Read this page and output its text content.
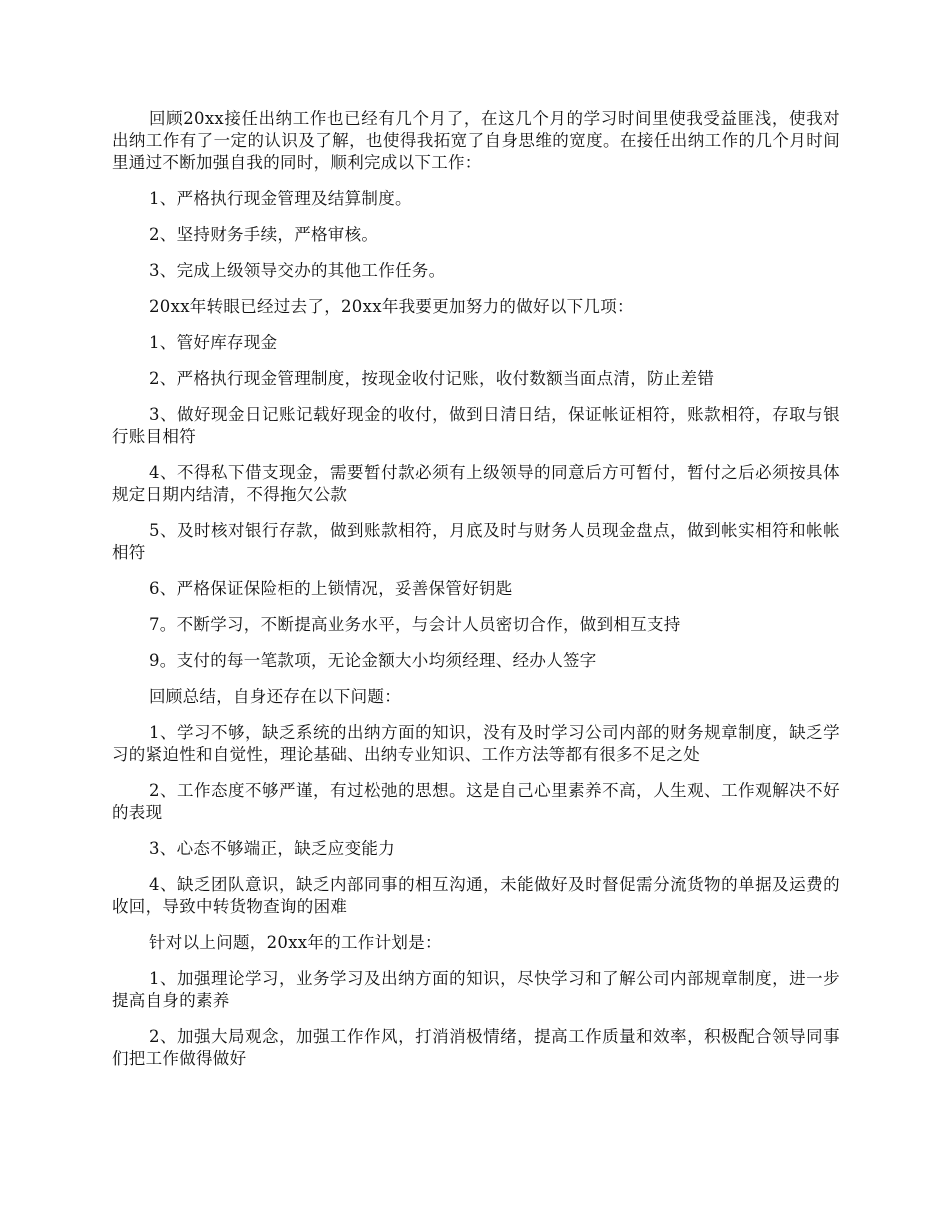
回顾20xx接任出纳工作也已经有几个月了，在这几个月的学习时间里使我受益匪浅，使我对出纳工作有了一定的认识及了解，也使得我拓宽了自身思维的宽度。在接任出纳工作的几个月时间里通过不断加强自我的同时，顺利完成以下工作：

1、严格执行现金管理及结算制度。

2、坚持财务手续，严格审核。

3、完成上级领导交办的其他工作任务。

20xx年转眼已经过去了，20xx年我要更加努力的做好以下几项：

1、管好库存现金

2、严格执行现金管理制度，按现金收付记账，收付数额当面点清，防止差错

3、做好现金日记账记载好现金的收付，做到日清日结，保证帐证相符，账款相符，存取与银行账目相符

4、不得私下借支现金，需要暂付款必须有上级领导的同意后方可暂付，暂付之后必须按具体规定日期内结清，不得拖欠公款

5、及时核对银行存款，做到账款相符，月底及时与财务人员现金盘点，做到帐实相符和帐帐相符

6、严格保证保险柜的上锁情况，妥善保管好钥匙

7。不断学习，不断提高业务水平，与会计人员密切合作，做到相互支持

9。支付的每一笔款项，无论金额大小均须经理、经办人签字

回顾总结，自身还存在以下问题：

1、学习不够，缺乏系统的出纳方面的知识，没有及时学习公司内部的财务规章制度，缺乏学习的紧迫性和自觉性，理论基础、出纳专业知识、工作方法等都有很多不足之处

2、工作态度不够严谨，有过松弛的思想。这是自己心里素养不高，人生观、工作观解决不好的表现

3、心态不够端正，缺乏应变能力

4、缺乏团队意识，缺乏内部同事的相互沟通，未能做好及时督促需分流货物的单据及运费的收回，导致中转货物查询的困难

针对以上问题，20xx年的工作计划是：

1、加强理论学习，业务学习及出纳方面的知识，尽快学习和了解公司内部规章制度，进一步提高自身的素养

2、加强大局观念，加强工作作风，打消消极情绪，提高工作质量和效率，积极配合领导同事们把工作做得做好
